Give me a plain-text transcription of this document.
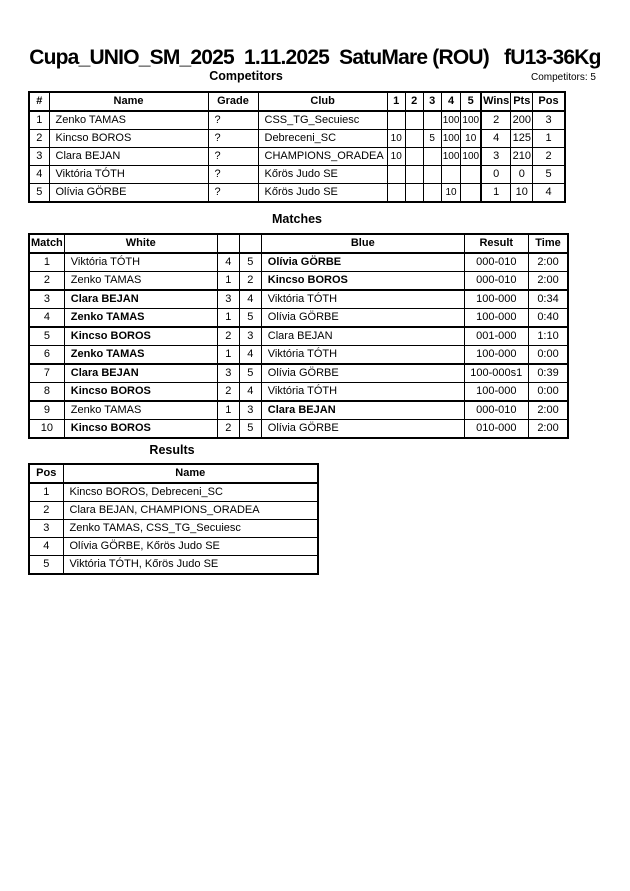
Cupa_UNIO_SM_2025  1.11.2025  SatuMare (ROU)   fU13-36Kg
Competitors	Competitors: 5
#	Name	Grade	Club	1	2	3	4	5	Wins	Pts	Pos
1	Zenko TAMAS	?	CSS_TG_Secuiesc				100	100	2	200	3
2	Kincso BOROS	?	Debreceni_SC	10		5	100	10	4	125	1
3	Clara BEJAN	?	CHAMPIONS_ORADEA	10			100	100	3	210	2
4	Viktória TÓTH	?	Kőrös Judo SE						0	0	5
5	Olívia GÖRBE	?	Kőrös Judo SE				10		1	10	4
Matches
Match	White			Blue	Result	Time
1	Viktória TÓTH	4	5	Olívia GÖRBE	000-010	2:00
2	Zenko TAMAS	1	2	Kincso BOROS	000-010	2:00
3	Clara BEJAN	3	4	Viktória TÓTH	100-000	0:34
4	Zenko TAMAS	1	5	Olívia GÖRBE	100-000	0:40
5	Kincso BOROS	2	3	Clara BEJAN	001-000	1:10
6	Zenko TAMAS	1	4	Viktória TÓTH	100-000	0:00
7	Clara BEJAN	3	5	Olívia GÖRBE	100-000s1	0:39
8	Kincso BOROS	2	4	Viktória TÓTH	100-000	0:00
9	Zenko TAMAS	1	3	Clara BEJAN	000-010	2:00
10	Kincso BOROS	2	5	Olívia GÖRBE	010-000	2:00
Results
Pos	Name
1	Kincso BOROS, Debreceni_SC
2	Clara BEJAN, CHAMPIONS_ORADEA
3	Zenko TAMAS, CSS_TG_Secuiesc
4	Olívia GÖRBE, Kőrös Judo SE
5	Viktória TÓTH, Kőrös Judo SE
